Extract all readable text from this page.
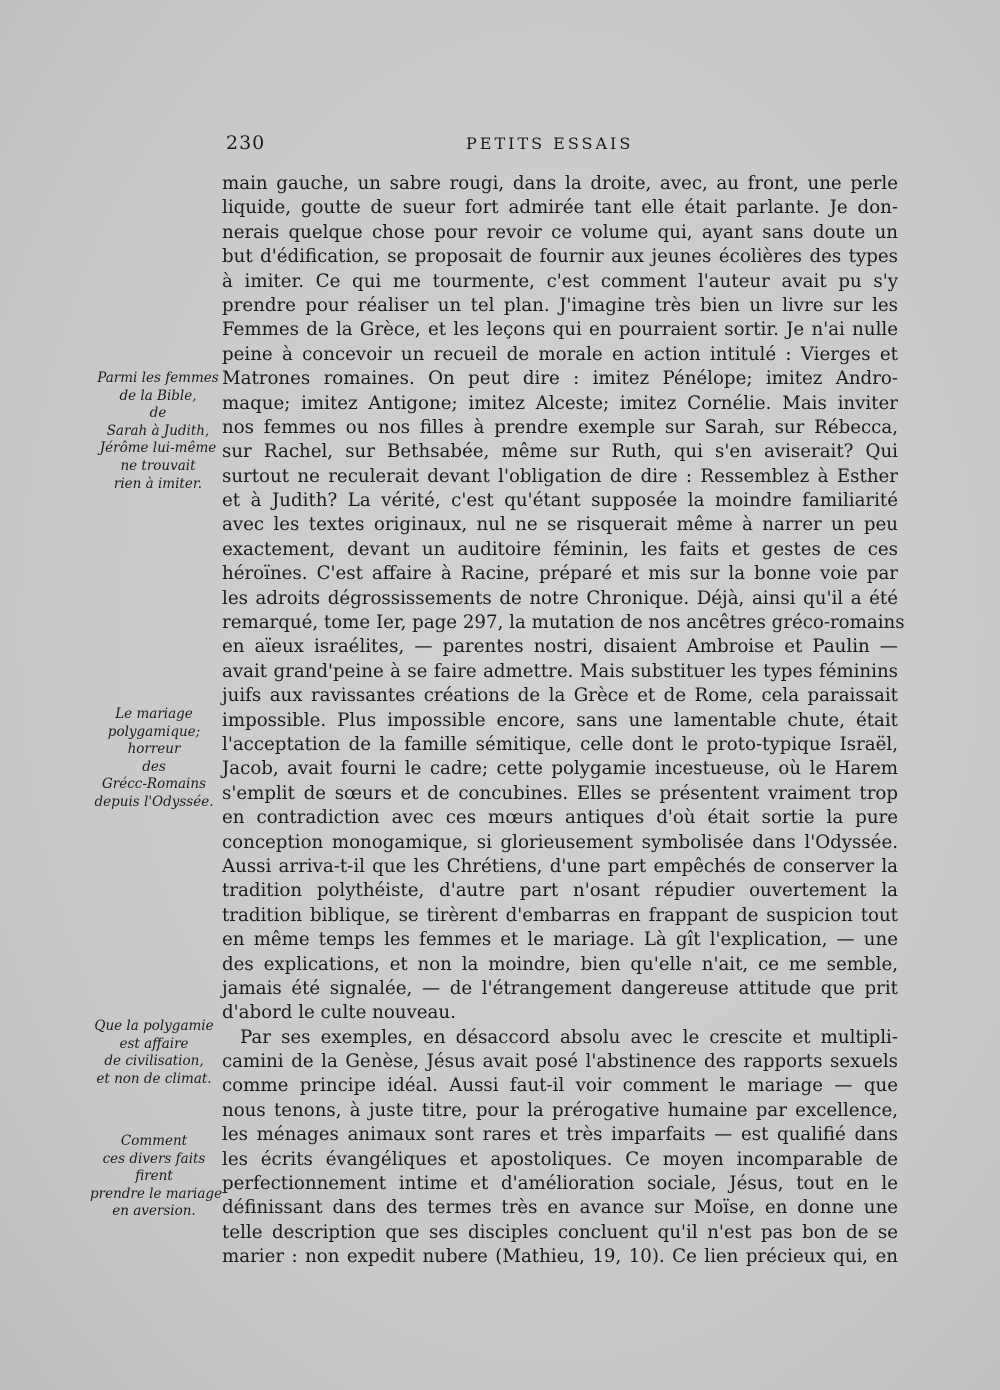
230	PETITS ESSAIS
Parmi les femmes
de la Bible,
de
Sarah à Judith,
Jérôme lui-même
ne trouvait
rien à imiter.
Le mariage
polygamique;
horreur
des
Grécc-Romains
depuis l'Odyssée.
Que la polygamie
est affaire
de civilisation,
et non de climat.
Comment
ces divers faits
firent
prendre le mariage
en aversion.
main gauche, un sabre rougi, dans la droite, avec, au front, une perle
liquide, goutte de sueur fort admirée tant elle était parlante. Je don-
nerais quelque chose pour revoir ce volume qui, ayant sans doute un
but d'édification, se proposait de fournir aux jeunes écolières des types
à imiter. Ce qui me tourmente, c'est comment l'auteur avait pu s'y
prendre pour réaliser un tel plan. J'imagine très bien un livre sur les
Femmes de la Grèce, et les leçons qui en pourraient sortir. Je n'ai nulle
peine à concevoir un recueil de morale en action intitulé : Vierges et
Matrones romaines. On peut dire : imitez Pénélope; imitez Andro-
maque; imitez Antigone; imitez Alceste; imitez Cornélie. Mais inviter
nos femmes ou nos filles à prendre exemple sur Sarah, sur Rébecca,
sur Rachel, sur Bethsabée, même sur Ruth, qui s'en aviserait? Qui
surtout ne reculerait devant l'obligation de dire : Ressemblez à Esther
et à Judith? La vérité, c'est qu'étant supposée la moindre familiarité
avec les textes originaux, nul ne se risquerait même à narrer un peu
exactement, devant un auditoire féminin, les faits et gestes de ces
héroïnes. C'est affaire à Racine, préparé et mis sur la bonne voie par
les adroits dégrossissements de notre Chronique. Déjà, ainsi qu'il a été
remarqué, tome Ier, page 297, la mutation de nos ancêtres gréco-romains
en aïeux israélites, — parentes nostri, disaient Ambroise et Paulin —
avait grand'peine à se faire admettre. Mais substituer les types féminins
juifs aux ravissantes créations de la Grèce et de Rome, cela paraissait
impossible. Plus impossible encore, sans une lamentable chute, était
l'acceptation de la famille sémitique, celle dont le proto-typique Israël,
Jacob, avait fourni le cadre; cette polygamie incestueuse, où le Harem
s'emplit de sœurs et de concubines. Elles se présentent vraiment trop
en contradiction avec ces mœurs antiques d'où était sortie la pure
conception monogamique, si glorieusement symbolisée dans l'Odyssée.
Aussi arriva-t-il que les Chrétiens, d'une part empêchés de conserver la
tradition polythéiste, d'autre part n'osant répudier ouvertement la
tradition biblique, se tirèrent d'embarras en frappant de suspicion tout
en même temps les femmes et le mariage. Là gît l'explication, — une
des explications, et non la moindre, bien qu'elle n'ait, ce me semble,
jamais été signalée, — de l'étrangement dangereuse attitude que prit
d'abord le culte nouveau.
Par ses exemples, en désaccord absolu avec le crescite et multipli-
camini de la Genèse, Jésus avait posé l'abstinence des rapports sexuels
comme principe idéal. Aussi faut-il voir comment le mariage — que
nous tenons, à juste titre, pour la prérogative humaine par excellence,
les ménages animaux sont rares et très imparfaits — est qualifié dans
les écrits évangéliques et apostoliques. Ce moyen incomparable de
perfectionnement intime et d'amélioration sociale, Jésus, tout en le
définissant dans des termes très en avance sur Moïse, en donne une
telle description que ses disciples concluent qu'il n'est pas bon de se
marier : non expedit nubere (Mathieu, 19, 10). Ce lien précieux qui, en
